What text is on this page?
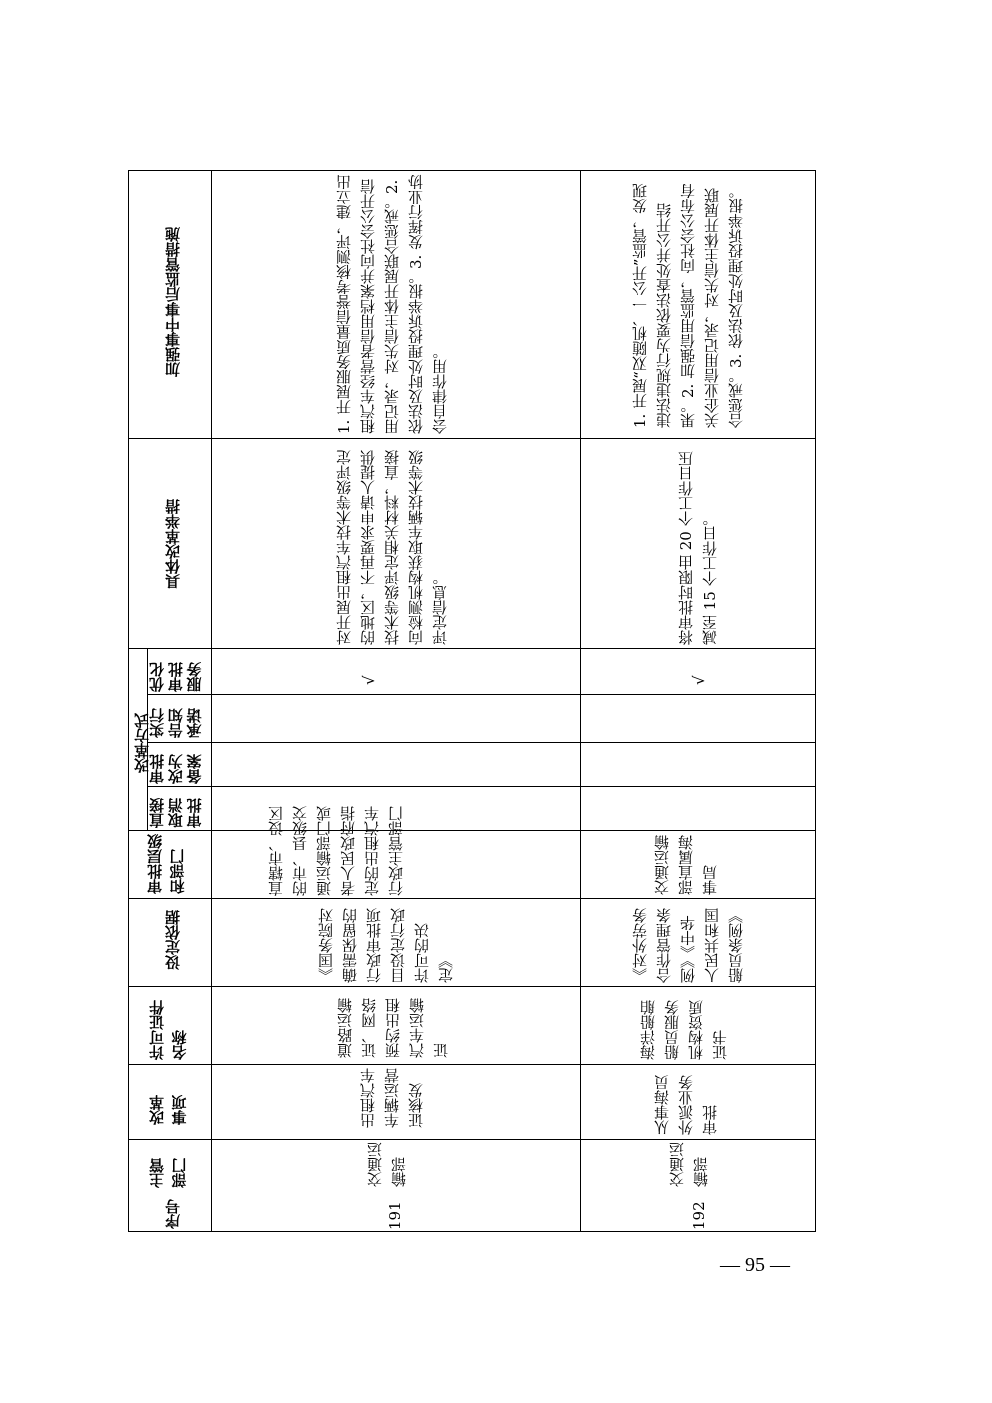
加强事中事后监管措施
具体改革举措
改革方式
优化审批服务
实行告知承诺
审批改为备案
直接取消审批
审批层级和部门
设定依据
许可证件名称
改革事项
主管部门
序号
1. 开展服务质量信誉考核测评，建立出租汽车经营者信用档案并向社会公开信用记录，对失信主体开展联合惩戒。2. 依法及时处理投诉举报。3. 发挥行业协会自律作用。
对开展出租汽车技术等级评定的地区，不再要求申请人提供技术等级评定相关材料，直接向检测机构获取车辆技术等级评定信息。
√
直辖市、设区的市、县级交通运输部门或者人民政府指定的出租汽车行政主管部门
《国务院对确需保留的行政审批项目设定行政许可的决定》
道路运输证、网络预约出租汽车运输证
出租汽车车辆运营证核发
交通运输部
191
1. 开展“双随机、一公开”监管，发现违法违规行为要依法查处并公开结果。2. 加强信用监管，向社会公布有关企业信用记录，对失信主体开展联合惩戒。3. 依法及时处理投诉举报。
将审批时限由 20 个工作日压减至 15 个工作日。
√
交通运输部直属海事局
《对外劳务合作管理条例》《中华人民共和国船员条例》
海洋船舶船员服务机构资质证书
从事海员外派业务审批
交通运输部
192
— 95 —
